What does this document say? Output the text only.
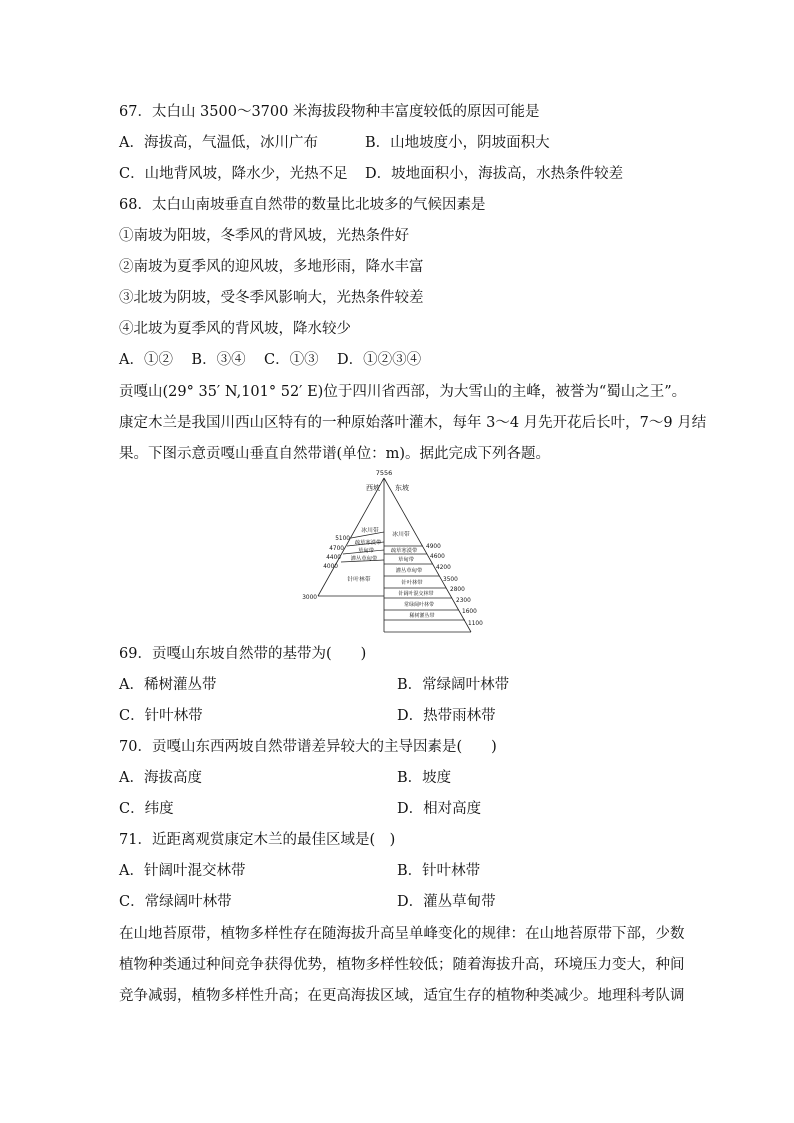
67．太白山 3500～3700 米海拔段物种丰富度较低的原因可能是
A．海拔高，气温低，冰川广布	B．山地坡度小，阴坡面积大
C．山地背风坡，降水少，光热不足 D．坡地面积小，海拔高，水热条件较差
68．太白山南坡垂直自然带的数量比北坡多的气候因素是
①南坡为阳坡，冬季风的背风坡，光热条件好
②南坡为夏季风的迎风坡，多地形雨，降水丰富
③北坡为阴坡，受冬季风影响大，光热条件较差
④北坡为夏季风的背风坡，降水较少
A．①②    B．③④    C．①③    D．①②③④
贡嘎山(29° 35′ N,101° 52′ E)位于四川省西部，为大雪山的主峰，被誉为“蜀山之王”。
康定木兰是我国川西山区特有的一种原始落叶灌木，每年 3～4 月先开花后长叶，7～9 月结
果。下图示意贡嘎山垂直自然带谱(单位：m)。据此完成下列各题。
7556
西坡 东坡
冰川带
疏草寒漠带
草甸带
灌丛草甸带
针叶林带
5100
4700
4400
4000
3000
冰川带
疏草寒漠带
草甸带
灌丛草甸带
针叶林带
针阔叶混交林带
常绿阔叶林带
稀树灌丛带
4900
4600
4200
3500
2800
2300
1600
1100
69．贡嘎山东坡自然带的基带为(　　)
A．稀树灌丛带	B．常绿阔叶林带
C．针叶林带	D．热带雨林带
70．贡嘎山东西两坡自然带谱差异较大的主导因素是(　　)
A．海拔高度	B．坡度
C．纬度	D．相对高度
71．近距离观赏康定木兰的最佳区域是(　)
A．针阔叶混交林带	B．针叶林带
C．常绿阔叶林带	D．灌丛草甸带
在山地苔原带，植物多样性存在随海拔升高呈单峰变化的规律：在山地苔原带下部，少数
植物种类通过种间竞争获得优势，植物多样性较低；随着海拔升高，环境压力变大，种间
竞争减弱，植物多样性升高；在更高海拔区域，适宜生存的植物种类减少。地理科考队调
